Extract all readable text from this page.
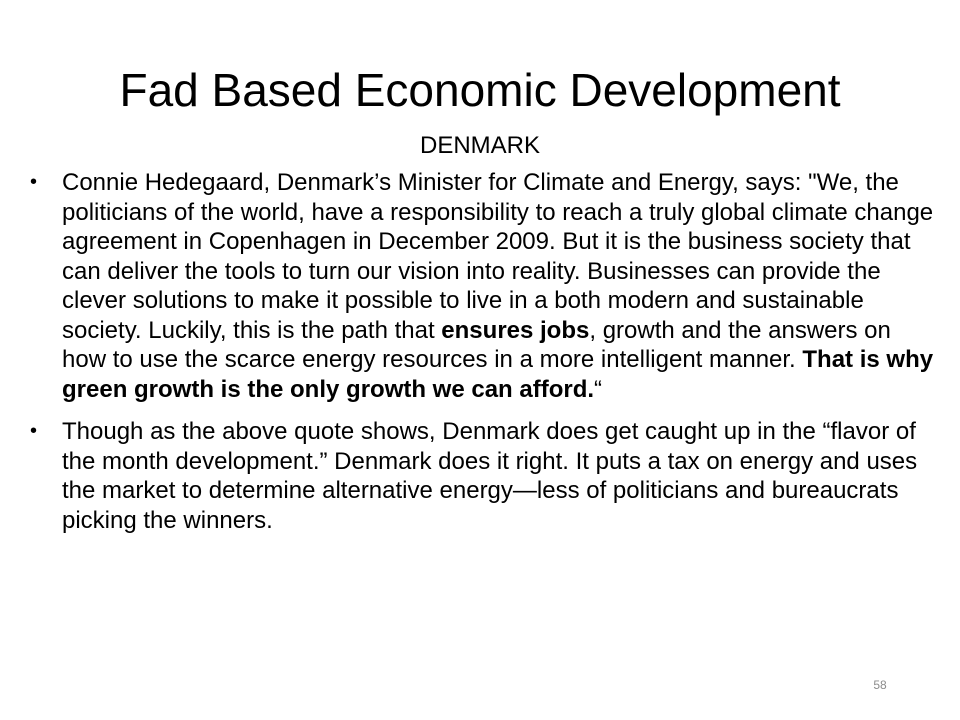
Fad Based Economic Development
DENMARK
• Connie Hedegaard, Denmark’s Minister for Climate and Energy, says: "We, the politicians of the world, have a responsibility to reach a truly global climate change agreement in Copenhagen in December 2009. But it is the business society that can deliver the tools to turn our vision into reality. Businesses can provide the clever solutions to make it possible to live in a both modern and sustainable society. Luckily, this is the path that ensures jobs, growth and the answers on how to use the scarce energy resources in a more intelligent manner. That is why green growth is the only growth we can afford.“
• Though as the above quote shows, Denmark does get caught up in the “flavor of the month development.” Denmark does it right. It puts a tax on energy and uses the market to determine alternative energy—less of politicians and bureaucrats picking the winners.
58
